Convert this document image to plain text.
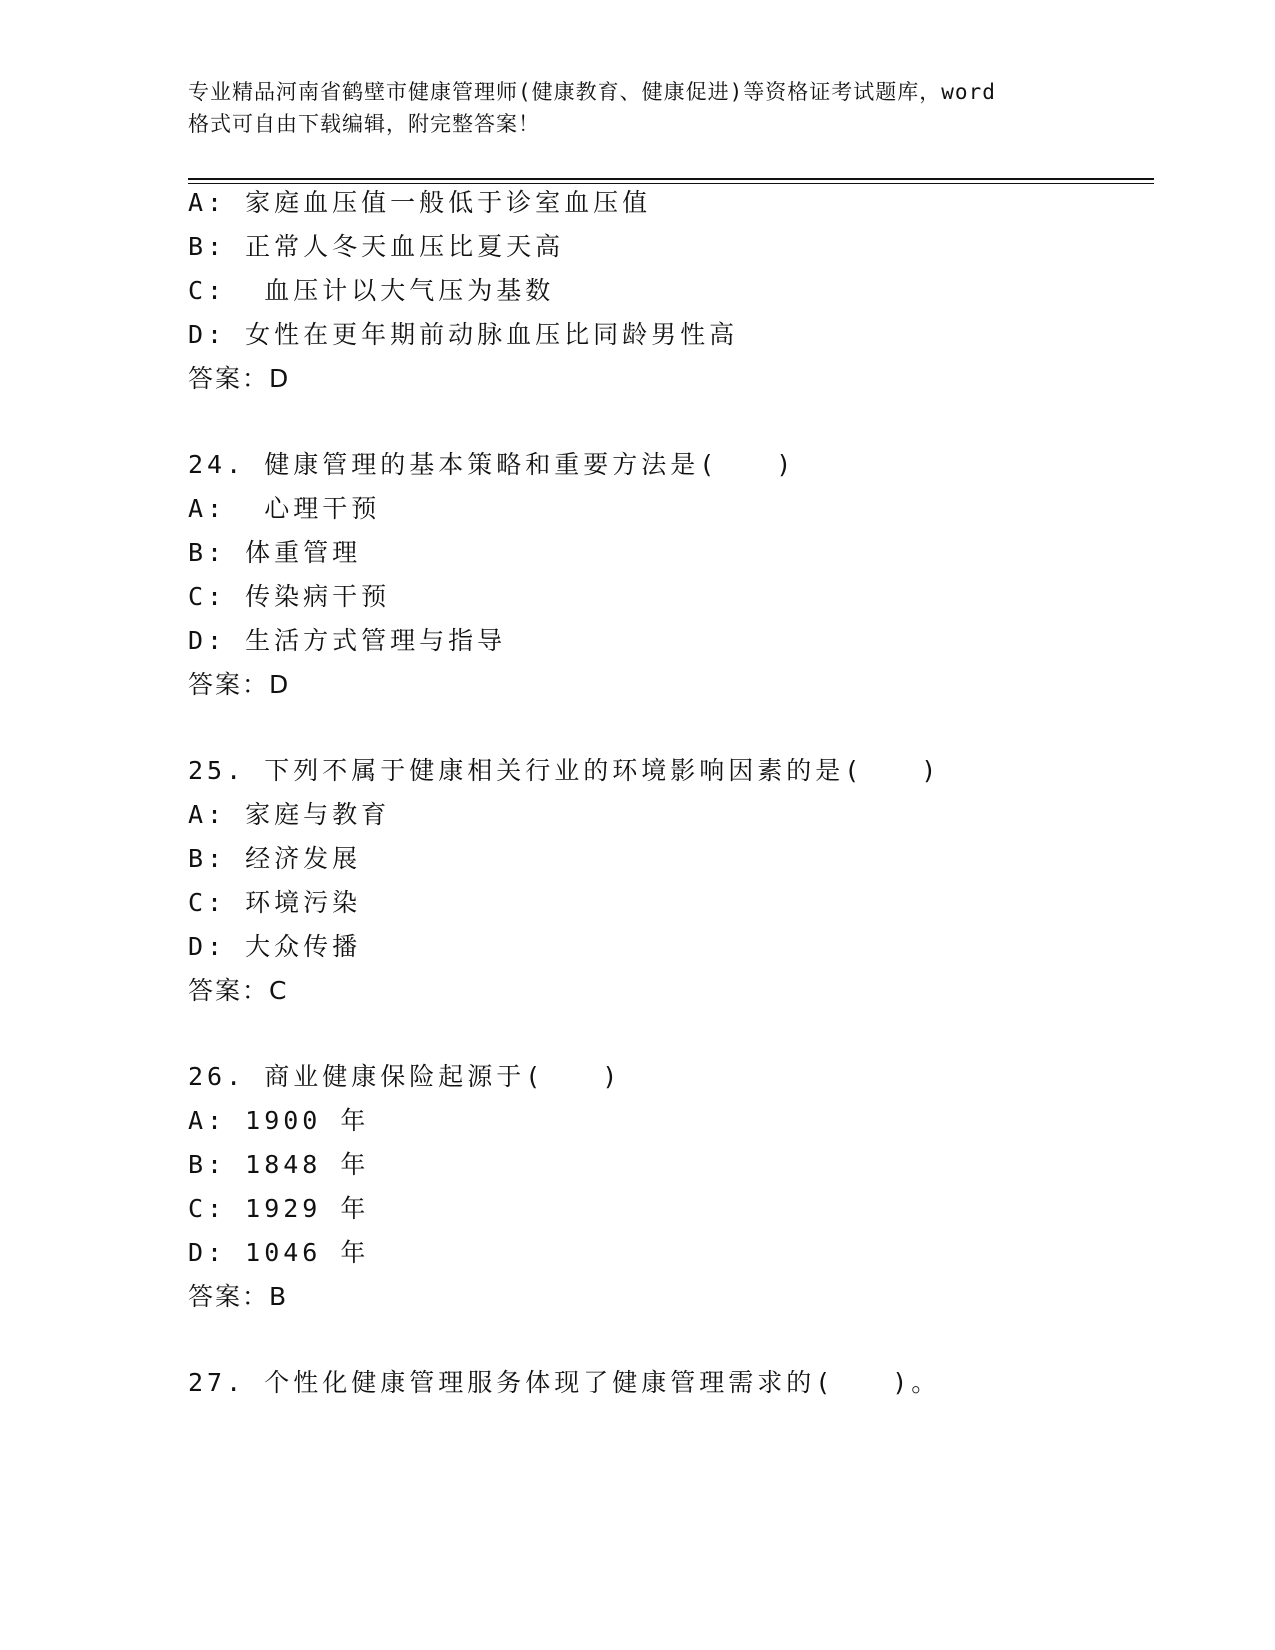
专业精品河南省鹤壁市健康管理师(健康教育、健康促进)等资格证考试题库，word
格式可自由下载编辑，附完整答案！
A: 家庭血压值一般低于诊室血压值
B: 正常人冬天血压比夏天高
C:  血压计以大气压为基数
D: 女性在更年期前动脉血压比同龄男性高
答案：D
24. 健康管理的基本策略和重要方法是(　　)
A:  心理干预
B: 体重管理
C: 传染病干预
D: 生活方式管理与指导
答案：D
25. 下列不属于健康相关行业的环境影响因素的是(　　)
A: 家庭与教育
B: 经济发展
C: 环境污染
D: 大众传播
答案：C
26. 商业健康保险起源于(　　)
A: 1900 年
B: 1848 年
C: 1929 年
D: 1046 年
答案：B
27. 个性化健康管理服务体现了健康管理需求的(　　)。
